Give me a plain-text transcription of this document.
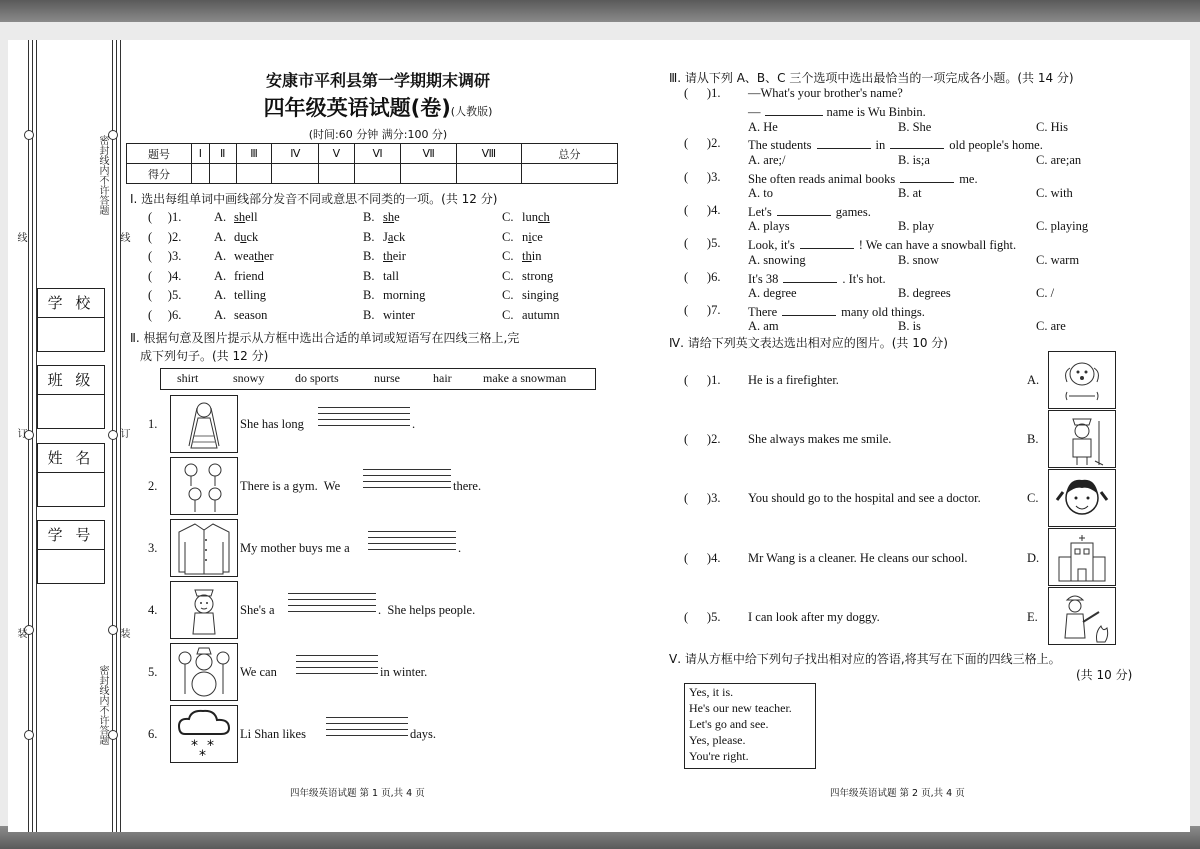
密封线内不许答题
密封线内不许答题
线	线
订	订
装	装
学 校
班 级
姓 名
学 号
安康市平利县第一学期期末调研
四年级英语试题(卷)(人教版)
(时间:60 分钟 满分:100 分)
题号	Ⅰ	Ⅱ	Ⅲ	Ⅳ	Ⅴ	Ⅵ	Ⅶ	Ⅷ	总分
得分									
Ⅰ. 选出每组单词中画线部分发音不同或意思不同类的一项。(共 12 分)
(     )1.	A. shell	B. she	C. lunch
(     )2.	A. duck	B. Jack	C. nice
(     )3.	A. weather	B. their	C. thin
(     )4.	A. friend	B. tall	C. strong
(     )5.	A. telling	B. morning	C. singing
(     )6.	A. season	B. winter	C. autumn
Ⅱ. 根据句意及图片提示从方框中选出合适的单词或短语写在四线三格上,完
成下列句子。(共 12 分)
shirt	snowy	do sports	nurse	hair	make a snowman
1.	She has long	.
2.	There is a gym.  We	there.
3.	My mother buys me a	.
4.	She's a	.  She helps people.
5.	We can	in winter.
6.	Li Shan likes	days.
* *
*
Ⅲ. 请从下列 A、B、C 三个选项中选出最恰当的一项完成各小题。(共 14 分)
(      )1. —What's your brother's name?
—	name is Wu Binbin.
A. He	B. She	C. His
(      )2. The students	in	old people's home.
A. are;/	B. is;a	C. are;an
(      )3. She often reads animal books	me.
A. to	B. at	C. with
(      )4. Let's	games.
A. plays	B. play	C. playing
(      )5. Look, it's	! We can have a snowball fight.
A. snowing	B. snow	C. warm
(      )6. It's 38	. It's hot.
A. degree	B. degrees	C. /
(      )7. There	many old things.
A. am	B. is	C. are
Ⅳ. 请给下列英文表达选出相对应的图片。(共 10 分)
(      )1. He is a firefighter.	A.
(      )2. She always makes me smile.	B.
(      )3. You should go to the hospital and see a doctor.	C.
(      )4. Mr Wang is a cleaner. He cleans our school.	D.
(      )5. I can look after my doggy.	E.
Ⅴ. 请从方框中给下列句子找出相对应的答语,将其写在下面的四线三格上。
(共 10 分)
Yes, it is.
He's our new teacher.
Let's go and see.
Yes, please.
You're right.
四年级英语试题 第 1 页,共 4 页	四年级英语试题 第 2 页,共 4 页
